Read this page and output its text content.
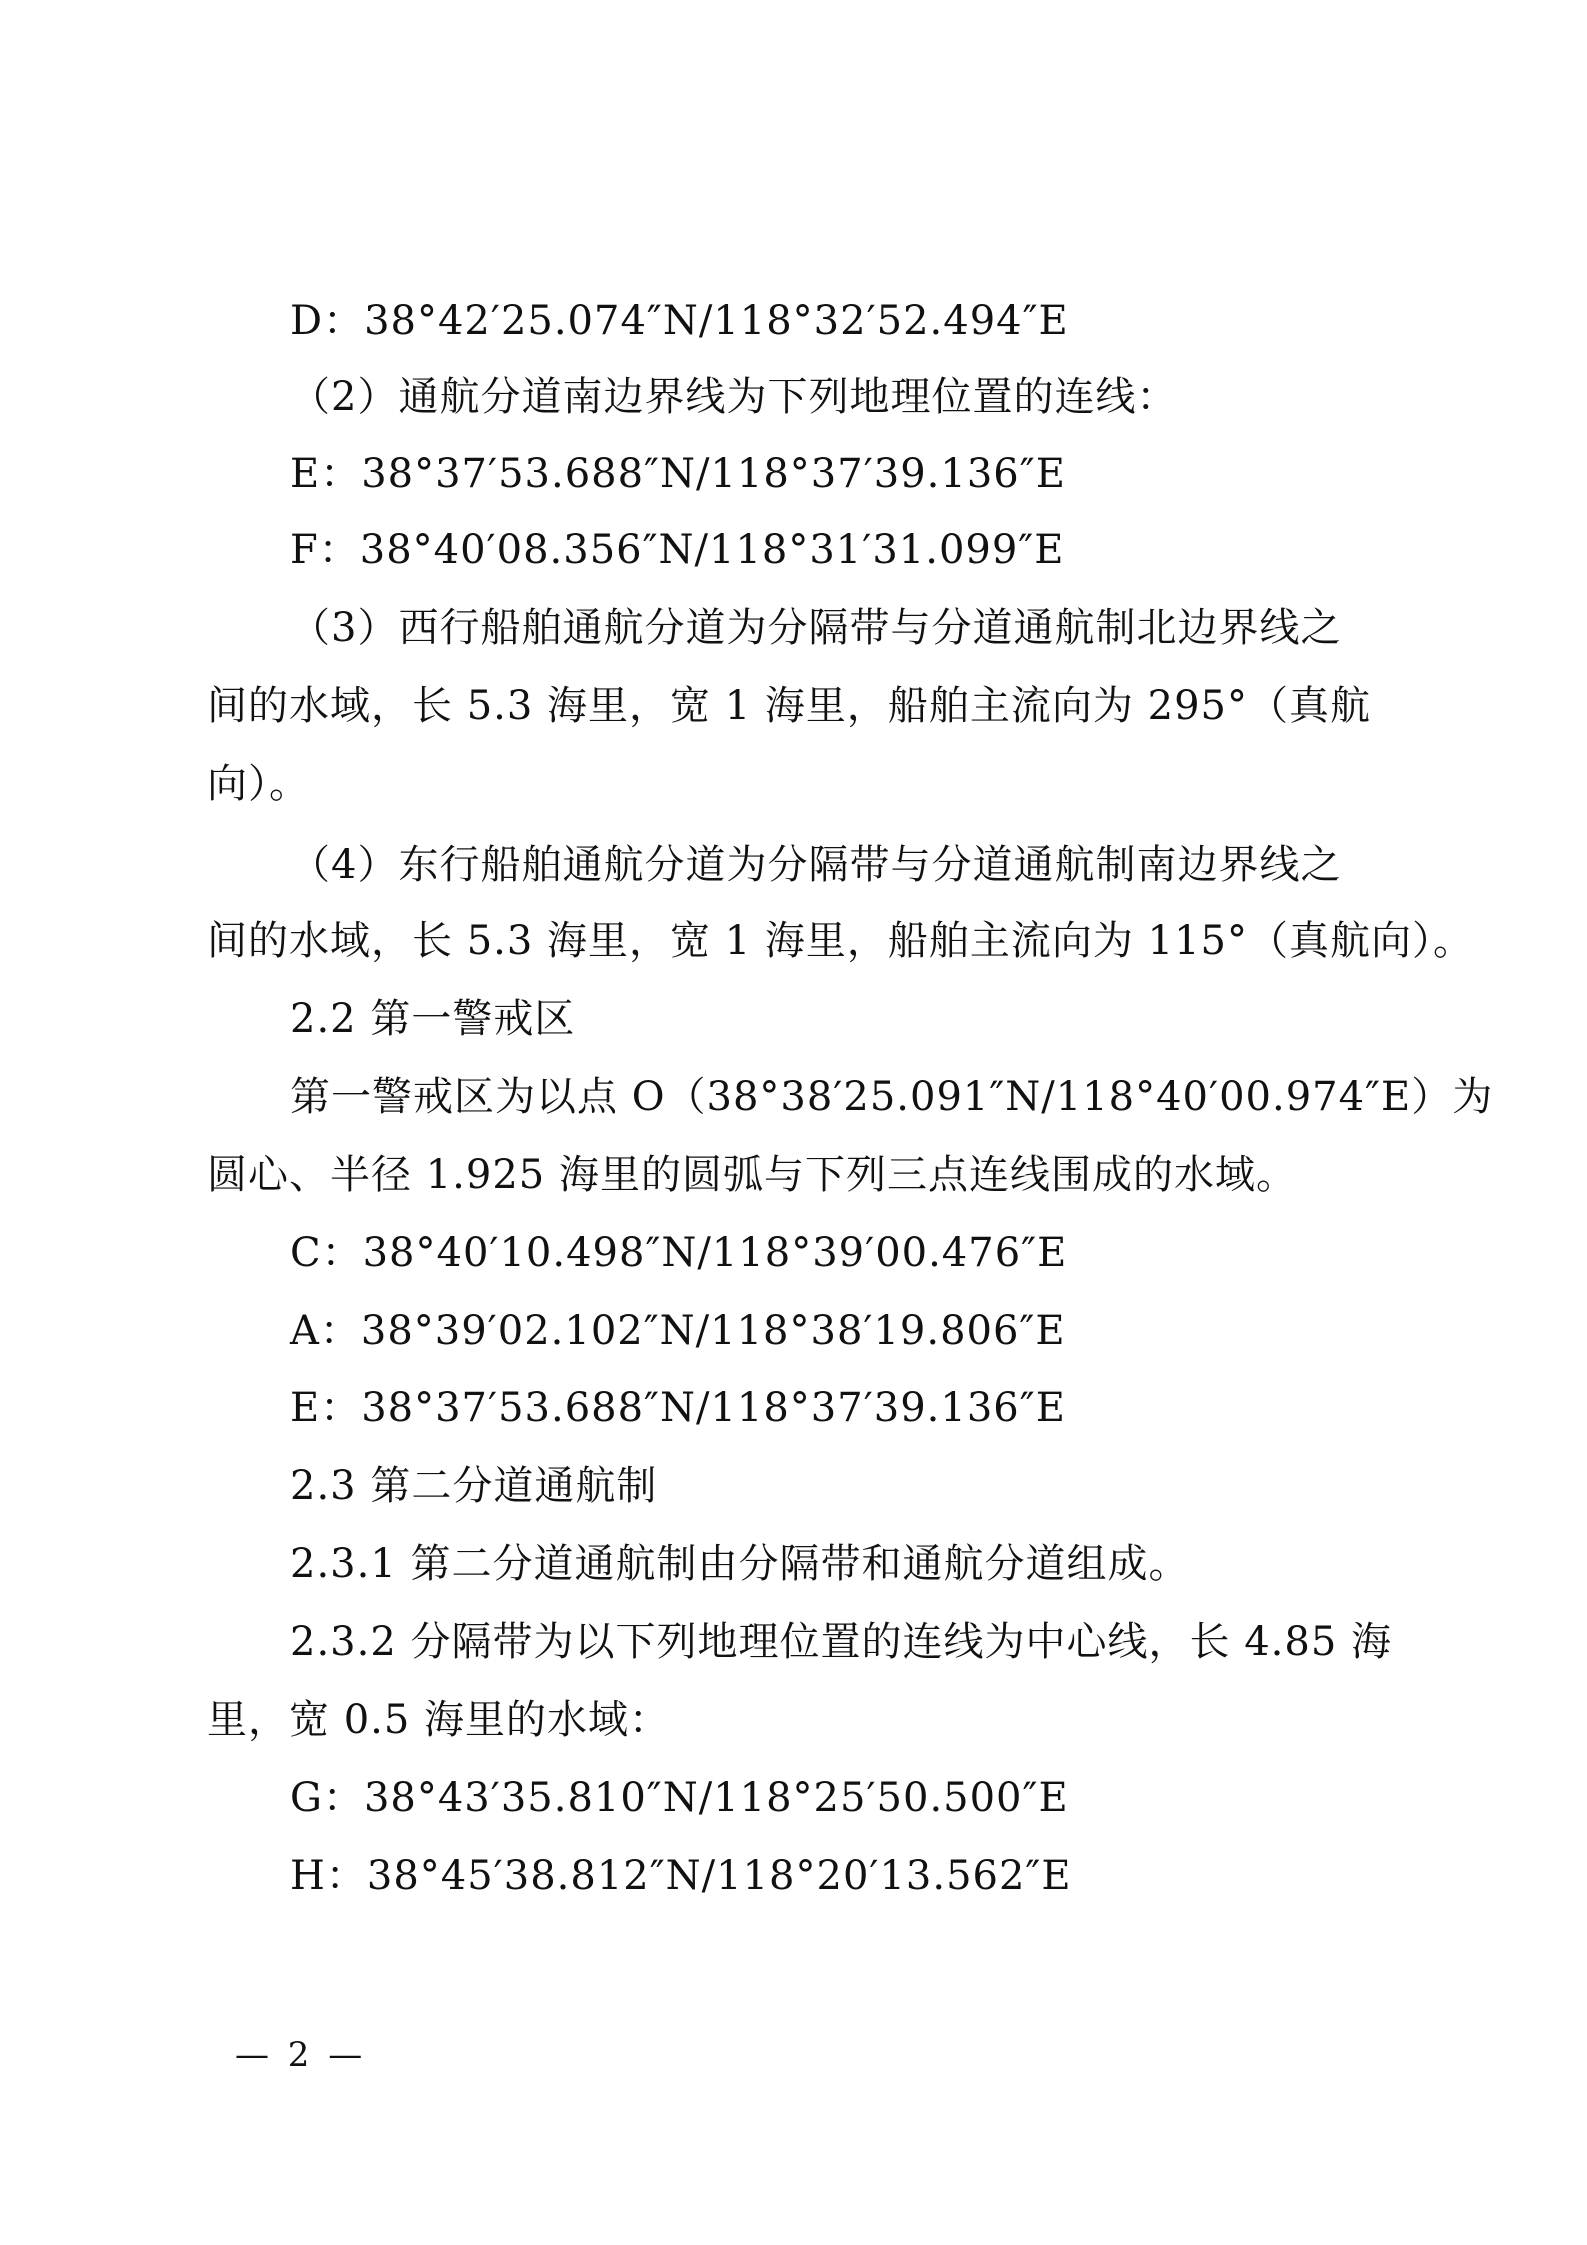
D：38°42′25.074″N/118°32′52.494″E
（2）通航分道南边界线为下列地理位置的连线：
E：38°37′53.688″N/118°37′39.136″E
F：38°40′08.356″N/118°31′31.099″E
（3）西行船舶通航分道为分隔带与分道通航制北边界线之
间的水域，长 5.3 海里，宽 1 海里，船舶主流向为 295°（真航
向）。
（4）东行船舶通航分道为分隔带与分道通航制南边界线之
间的水域，长 5.3 海里，宽 1 海里，船舶主流向为 115°（真航向）。
2.2 第一警戒区
第一警戒区为以点 O（38°38′25.091″N/118°40′00.974″E）为
圆心、半径 1.925 海里的圆弧与下列三点连线围成的水域。
C：38°40′10.498″N/118°39′00.476″E
A：38°39′02.102″N/118°38′19.806″E
E：38°37′53.688″N/118°37′39.136″E
2.3 第二分道通航制
2.3.1 第二分道通航制由分隔带和通航分道组成。
2.3.2 分隔带为以下列地理位置的连线为中心线，长 4.85 海
里，宽 0.5 海里的水域：
G：38°43′35.810″N/118°25′50.500″E
H：38°45′38.812″N/118°20′13.562″E
— 2 —
